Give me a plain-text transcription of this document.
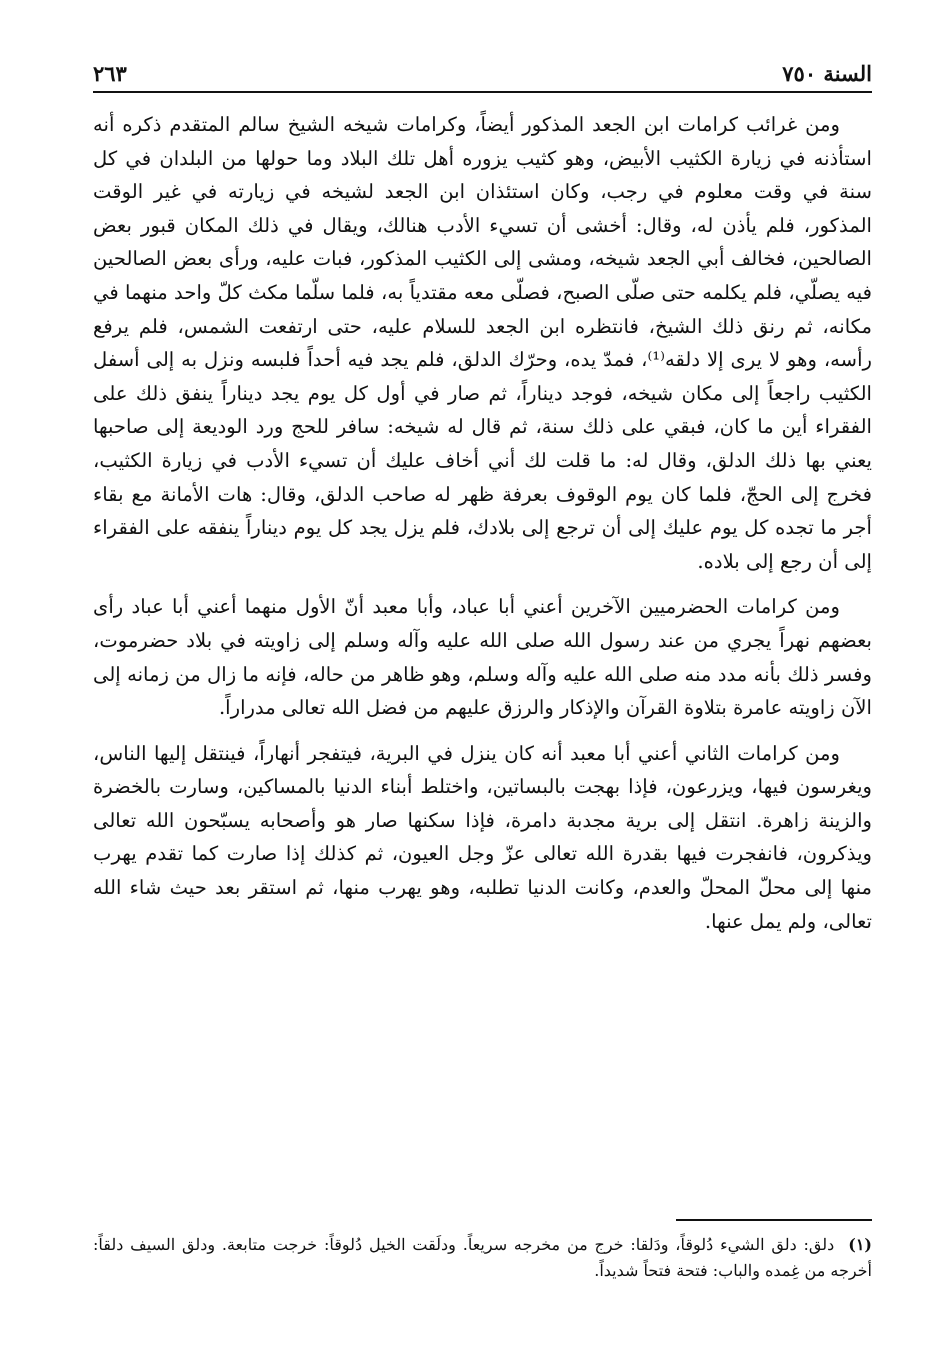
٢٦٣	السنة ٧٥٠

ومن غرائب كرامات ابن الجعد المذكور أيضاً، وكرامات شيخه الشيخ سالم المتقدم ذكره أنه استأذنه في زيارة الكثيب الأبيض، وهو كثيب يزوره أهل تلك البلاد وما حولها من البلدان في كل سنة في وقت معلوم في رجب، وكان استئذان ابن الجعد لشيخه في زيارته في غير الوقت المذكور، فلم يأذن له، وقال: أخشى أن تسيء الأدب هنالك، ويقال في ذلك المكان قبور بعض الصالحين، فخالف أبي الجعد شيخه، ومشى إلى الكثيب المذكور، فبات عليه، ورأى بعض الصالحين فيه يصلّي، فلم يكلمه حتى صلّى الصبح، فصلّى معه مقتدياً به، فلما سلّما مكث كلّ واحد منهما في مكانه، ثم رنق ذلك الشيخ، فانتظره ابن الجعد للسلام عليه، حتى ارتفعت الشمس، فلم يرفع رأسه، وهو لا يرى إلا دلقه⁽¹⁾، فمدّ يده، وحرّك الدلق، فلم يجد فيه أحداً فلبسه ونزل به إلى أسفل الكثيب راجعاً إلى مكان شيخه، فوجد ديناراً، ثم صار في أول كل يوم يجد ديناراً ينفق ذلك على الفقراء أين ما كان، فبقي على ذلك سنة، ثم قال له شيخه: سافر للحج ورد الوديعة إلى صاحبها يعني بها ذلك الدلق، وقال له: ما قلت لك أني أخاف عليك أن تسيء الأدب في زيارة الكثيب، فخرج إلى الحجّ، فلما كان يوم الوقوف بعرفة ظهر له صاحب الدلق، وقال: هات الأمانة مع بقاء أجر ما تجده كل يوم عليك إلى أن ترجع إلى بلادك، فلم يزل يجد كل يوم ديناراً ينفقه على الفقراء إلى أن رجع إلى بلاده.

ومن كرامات الحضرميين الآخرين أعني أبا عباد، وأبا معبد أنّ الأول منهما أعني أبا عباد رأى بعضهم نهراً يجري من عند رسول الله صلى الله عليه وآله وسلم إلى زاويته في بلاد حضرموت، وفسر ذلك بأنه مدد منه صلى الله عليه وآله وسلم، وهو ظاهر من حاله، فإنه ما زال من زمانه إلى الآن زاويته عامرة بتلاوة القرآن والإذكار والرزق عليهم من فضل الله تعالى مدراراً.

ومن كرامات الثاني أعني أبا معبد أنه كان ينزل في البرية، فيتفجر أنهاراً، فينتقل إليها الناس، ويغرسون فيها، ويزرعون، فإذا بهجت بالبساتين، واختلط أبناء الدنيا بالمساكين، وسارت بالخضرة والزينة زاهرة. انتقل إلى برية مجدبة دامرة، فإذا سكنها صار هو وأصحابه يسبّحون الله تعالى ويذكرون، فانفجرت فيها بقدرة الله تعالى عزّ وجل العيون، ثم كذلك إذا صارت كما تقدم يهرب منها إلى محلّ المحلّ والعدم، وكانت الدنيا تطلبه، وهو يهرب منها، ثم استقر بعد حيث شاء الله تعالى، ولم يمل عنها.

(١)دلق: دلق الشيء دُلوقاً، ودَلقا: خرج من مخرجه سريعاً. ودلَقت الخيل دُلوقاً: خرجت متابعة. ودلق السيف دلقاً: أخرجه من غِمده والباب: فتحة فتحاً شديداً.
